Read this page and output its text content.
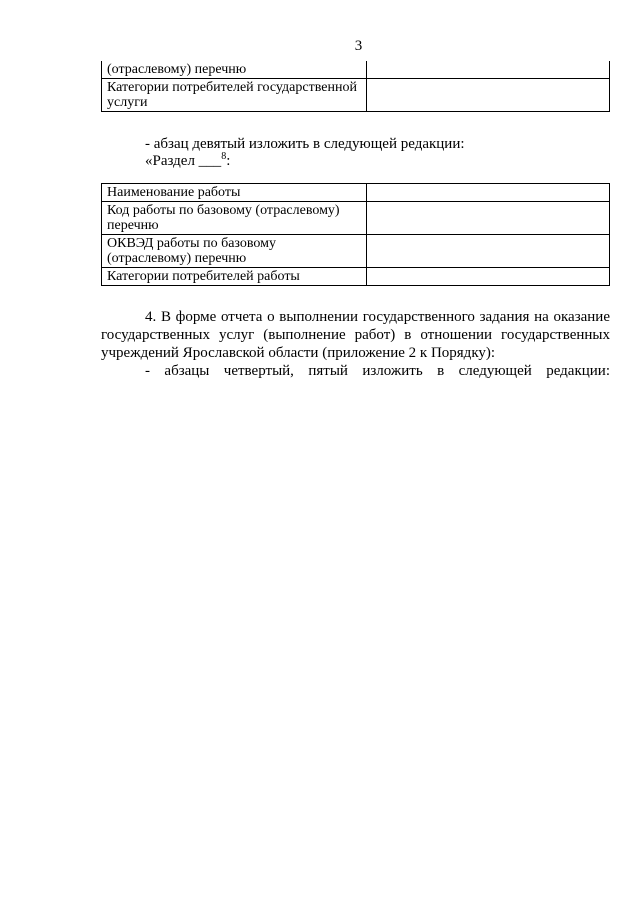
3
(отраслевому) перечню	
Категории потребителей государственной услуги	
- абзац девятый изложить в следующей редакции:
«Раздел ___$^8$:
Наименование работы	
Код работы по базовому (отраслевому) перечню	
ОКВЭД работы по базовому (отраслевому) перечню	
Категории потребителей работы	
4. В форме отчета о выполнении государственного задания на оказание государственных услуг (выполнение работ) в отношении государственных учреждений Ярославской области (приложение 2 к Порядку):
- абзацы четвертый, пятый изложить в следующей редакции:
